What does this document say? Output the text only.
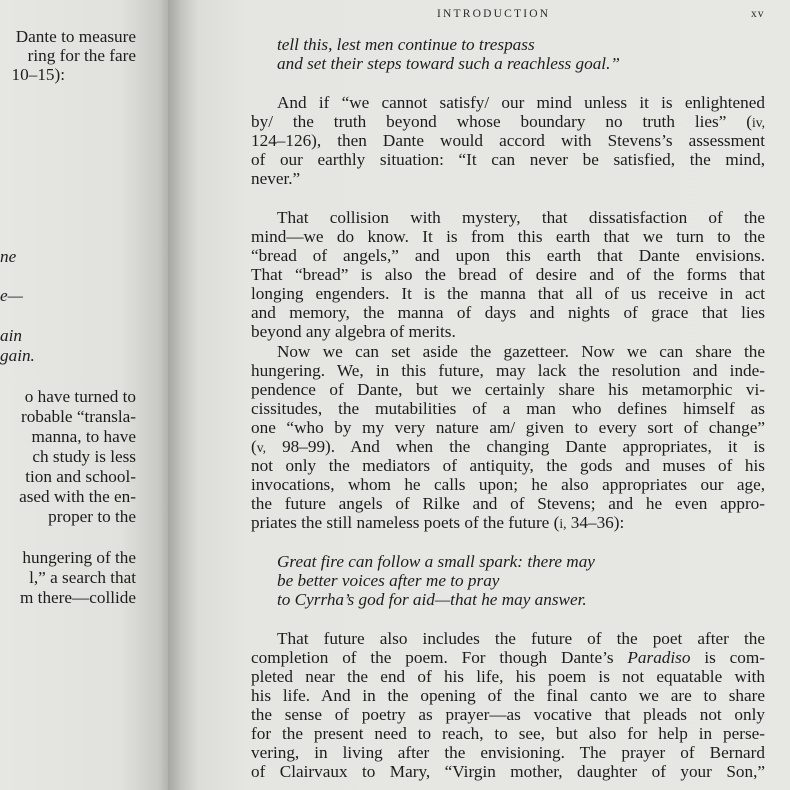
Dante to measure
ring for the fare
10–15):
ne
e—
ain
gain.
o have turned to
robable “transla-
manna, to have
ch study is less
tion and school-
ased with the en-
proper to the
hungering of the
l,” a search that
m there—collide
INTRODUCTION	xv
tell this, lest men continue to trespass
and set their steps toward such a reachless goal.”
And if “we cannot satisfy/ our mind unless it is enlightened
by/ the truth beyond whose boundary no truth lies” (iv,
124–126), then Dante would accord with Stevens’s assessment
of our earthly situation: “It can never be satisfied, the mind,
never.”
That collision with mystery, that dissatisfaction of the
mind—we do know. It is from this earth that we turn to the
“bread of angels,” and upon this earth that Dante envisions.
That “bread” is also the bread of desire and of the forms that
longing engenders. It is the manna that all of us receive in act
and memory, the manna of days and nights of grace that lies
beyond any algebra of merits.
Now we can set aside the gazetteer. Now we can share the
hungering. We, in this future, may lack the resolution and inde-
pendence of Dante, but we certainly share his metamorphic vi-
cissitudes, the mutabilities of a man who defines himself as
one “who by my very nature am/ given to every sort of change”
(v, 98–99). And when the changing Dante appropriates, it is
not only the mediators of antiquity, the gods and muses of his
invocations, whom he calls upon; he also appropriates our age,
the future angels of Rilke and of Stevens; and he even appro-
priates the still nameless poets of the future (i, 34–36):
Great fire can follow a small spark: there may
be better voices after me to pray
to Cyrrha’s god for aid—that he may answer.
That future also includes the future of the poet after the
completion of the poem. For though Dante’s Paradiso is com-
pleted near the end of his life, his poem is not equatable with
his life. And in the opening of the final canto we are to share
the sense of poetry as prayer—as vocative that pleads not only
for the present need to reach, to see, but also for help in perse-
vering, in living after the envisioning. The prayer of Bernard
of Clairvaux to Mary, “Virgin mother, daughter of your Son,”
